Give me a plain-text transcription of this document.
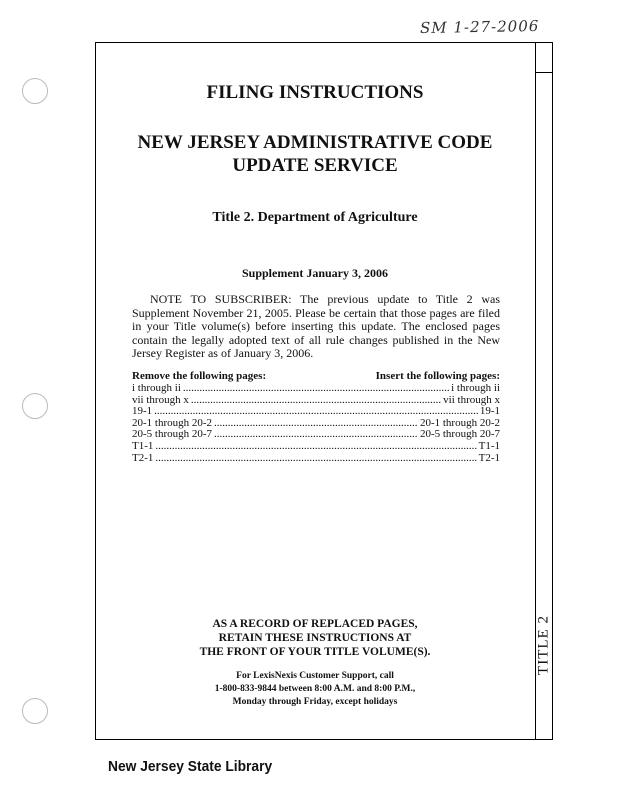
SM 1-27-2006
TITLE 2
FILING INSTRUCTIONS
NEW JERSEY ADMINISTRATIVE CODE
UPDATE SERVICE
Title 2. Department of Agriculture
Supplement January 3, 2006
NOTE TO SUBSCRIBER: The previous update to Title 2 was Supplement November 21, 2005. Please be certain that those pages are filed in your Title volume(s) before inserting this update. The enclosed pages contain the legally adopted text of all rule changes published in the New Jersey Register as of January 3, 2006.
Remove the following pages:	Insert the following pages:
i through ii .....	i through ii
vii through x .....	vii through x
19-1 .....	19-1
20-1 through 20-2 .....	20-1 through 20-2
20-5 through 20-7 .....	20-5 through 20-7
T1-1 .....	T1-1
T2-1 .....	T2-1
AS A RECORD OF REPLACED PAGES,
RETAIN THESE INSTRUCTIONS AT
THE FRONT OF YOUR TITLE VOLUME(S).
For LexisNexis Customer Support, call
1-800-833-9844 between 8:00 A.M. and 8:00 P.M.,
Monday through Friday, except holidays
New Jersey State Library
